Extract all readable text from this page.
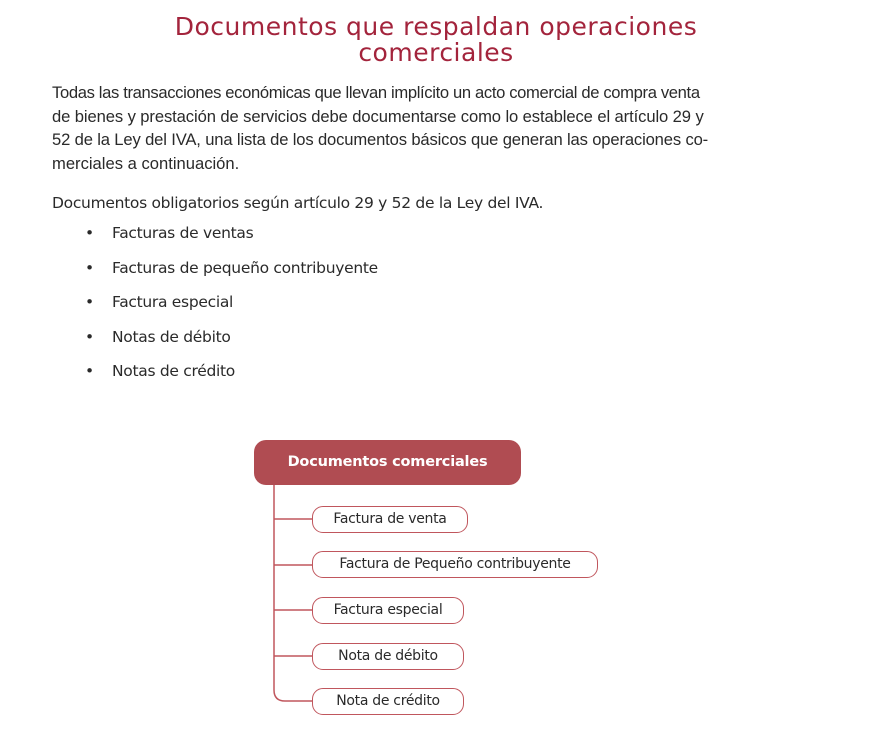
Documentos que respaldan operaciones
comerciales
Todas las transacciones económicas que llevan implícito un acto comercial de compra venta
de bienes y prestación de servicios debe documentarse como lo establece el artículo 29 y
52 de la Ley del IVA, una lista de los documentos básicos que generan las operaciones co-
merciales a continuación.
Documentos obligatorios según artículo 29 y 52 de la Ley del IVA.
• Facturas de ventas
• Facturas de pequeño contribuyente
• Factura especial
• Notas de débito
• Notas de crédito
Documentos comerciales
Factura de venta
Factura de Pequeño contribuyente
Factura especial
Nota de débito
Nota de crédito
